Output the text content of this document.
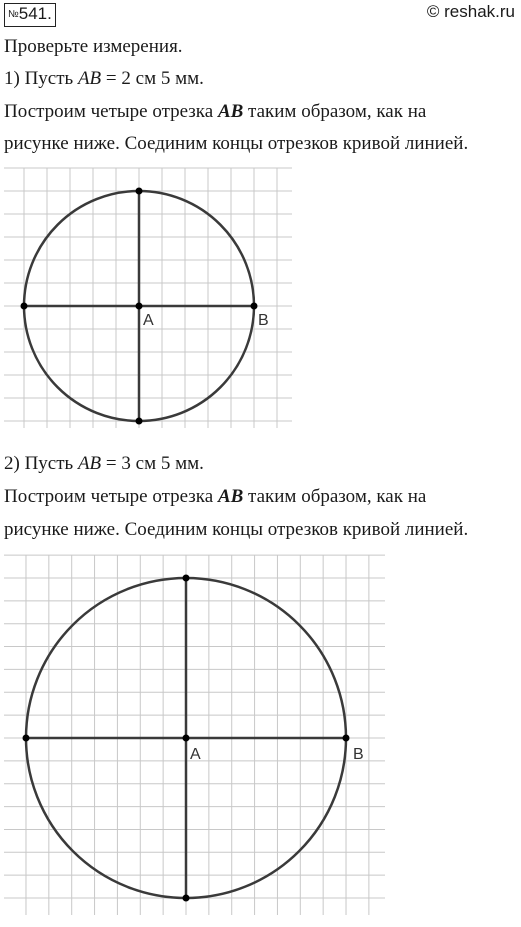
№541.	© reshak.ru
Проверьте измерения.
1) Пусть AB = 2 см 5 мм.
Построим четыре отрезка AB таким образом, как на
рисунке ниже. Соединим концы отрезков кривой линией.
A	B
2) Пусть AB = 3 см 5 мм.
Построим четыре отрезка AB таким образом, как на
рисунке ниже. Соединим концы отрезков кривой линией.
A	B
